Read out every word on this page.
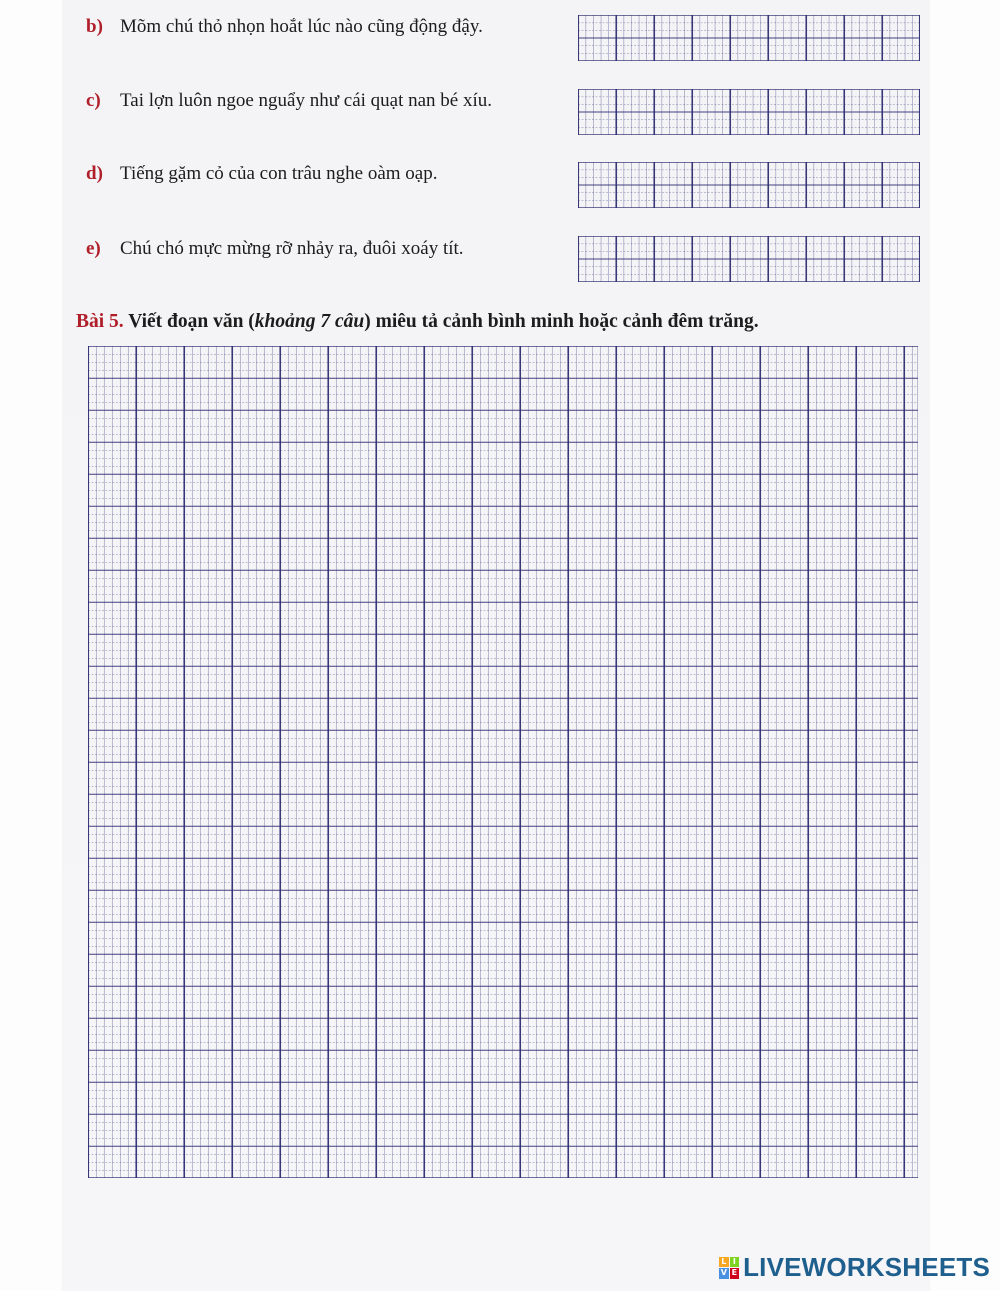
b) Mõm chú thỏ nhọn hoắt lúc nào cũng động đậy.
c) Tai lợn luôn ngoe nguẩy như cái quạt nan bé xíu.
d) Tiếng gặm cỏ của con trâu nghe oàm oạp.
e) Chú chó mực mừng rỡ nhảy ra, đuôi xoáy tít.
Bài 5. Viết đoạn văn (khoảng 7 câu) miêu tả cảnh bình minh hoặc cảnh đêm trăng.
L I
V E LIVEWORKSHEETS
